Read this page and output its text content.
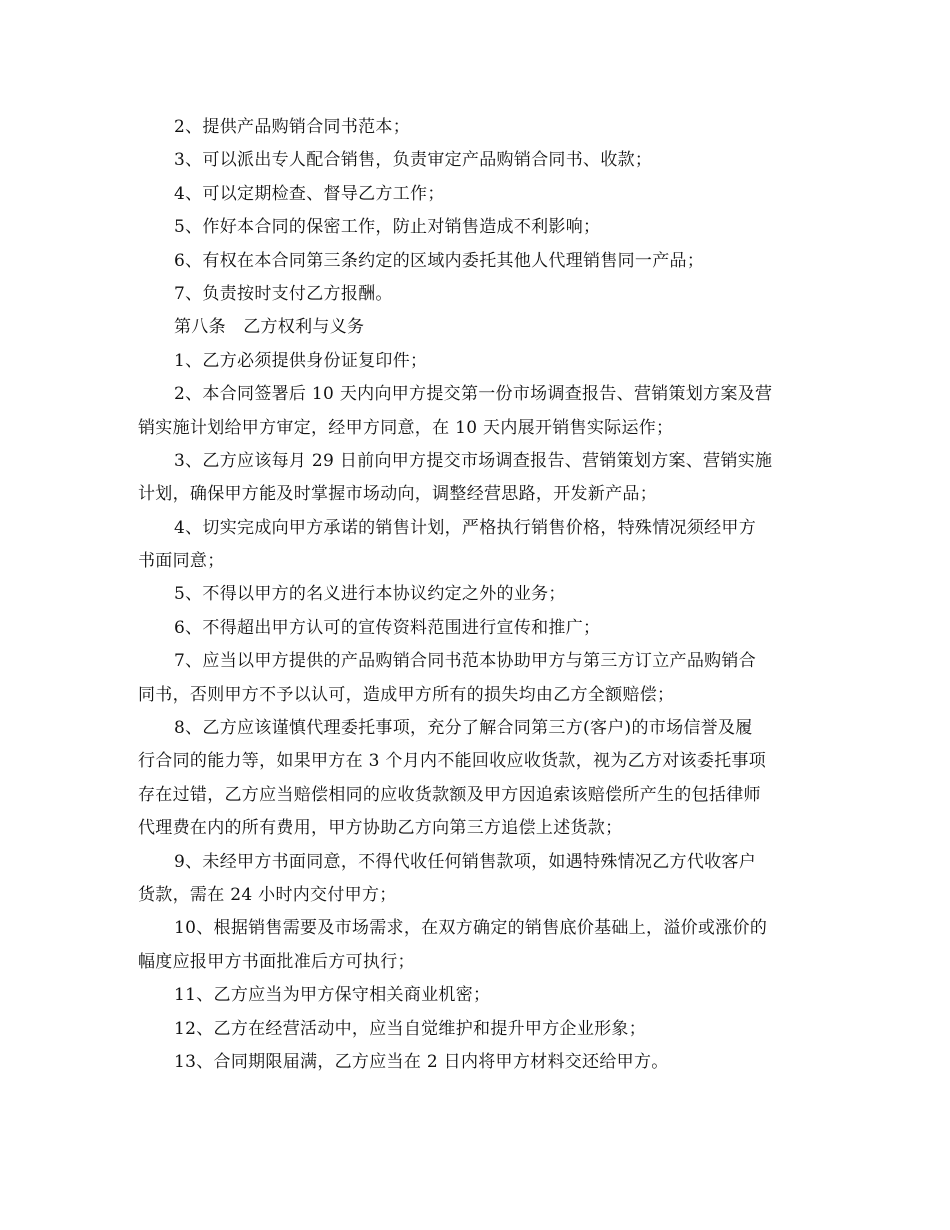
2、提供产品购销合同书范本；
3、可以派出专人配合销售，负责审定产品购销合同书、收款；
4、可以定期检查、督导乙方工作；
5、作好本合同的保密工作，防止对销售造成不利影响；
6、有权在本合同第三条约定的区域内委托其他人代理销售同一产品；
7、负责按时支付乙方报酬。
第八条　乙方权利与义务
1、乙方必须提供身份证复印件；
2、本合同签署后 10 天内向甲方提交第一份市场调查报告、营销策划方案及营
销实施计划给甲方审定，经甲方同意，在 10 天内展开销售实际运作；
3、乙方应该每月 29 日前向甲方提交市场调查报告、营销策划方案、营销实施
计划，确保甲方能及时掌握市场动向，调整经营思路，开发新产品；
4、切实完成向甲方承诺的销售计划，严格执行销售价格，特殊情况须经甲方
书面同意；
5、不得以甲方的名义进行本协议约定之外的业务；
6、不得超出甲方认可的宣传资料范围进行宣传和推广；
7、应当以甲方提供的产品购销合同书范本协助甲方与第三方订立产品购销合
同书，否则甲方不予以认可，造成甲方所有的损失均由乙方全额赔偿；
8、乙方应该谨慎代理委托事项，充分了解合同第三方(客户)的市场信誉及履
行合同的能力等，如果甲方在 3 个月内不能回收应收货款，视为乙方对该委托事项
存在过错，乙方应当赔偿相同的应收货款额及甲方因追索该赔偿所产生的包括律师
代理费在内的所有费用，甲方协助乙方向第三方追偿上述货款；
9、未经甲方书面同意，不得代收任何销售款项，如遇特殊情况乙方代收客户
货款，需在 24 小时内交付甲方；
10、根据销售需要及市场需求，在双方确定的销售底价基础上，溢价或涨价的
幅度应报甲方书面批准后方可执行；
11、乙方应当为甲方保守相关商业机密；
12、乙方在经营活动中，应当自觉维护和提升甲方企业形象；
13、合同期限届满，乙方应当在 2 日内将甲方材料交还给甲方。
